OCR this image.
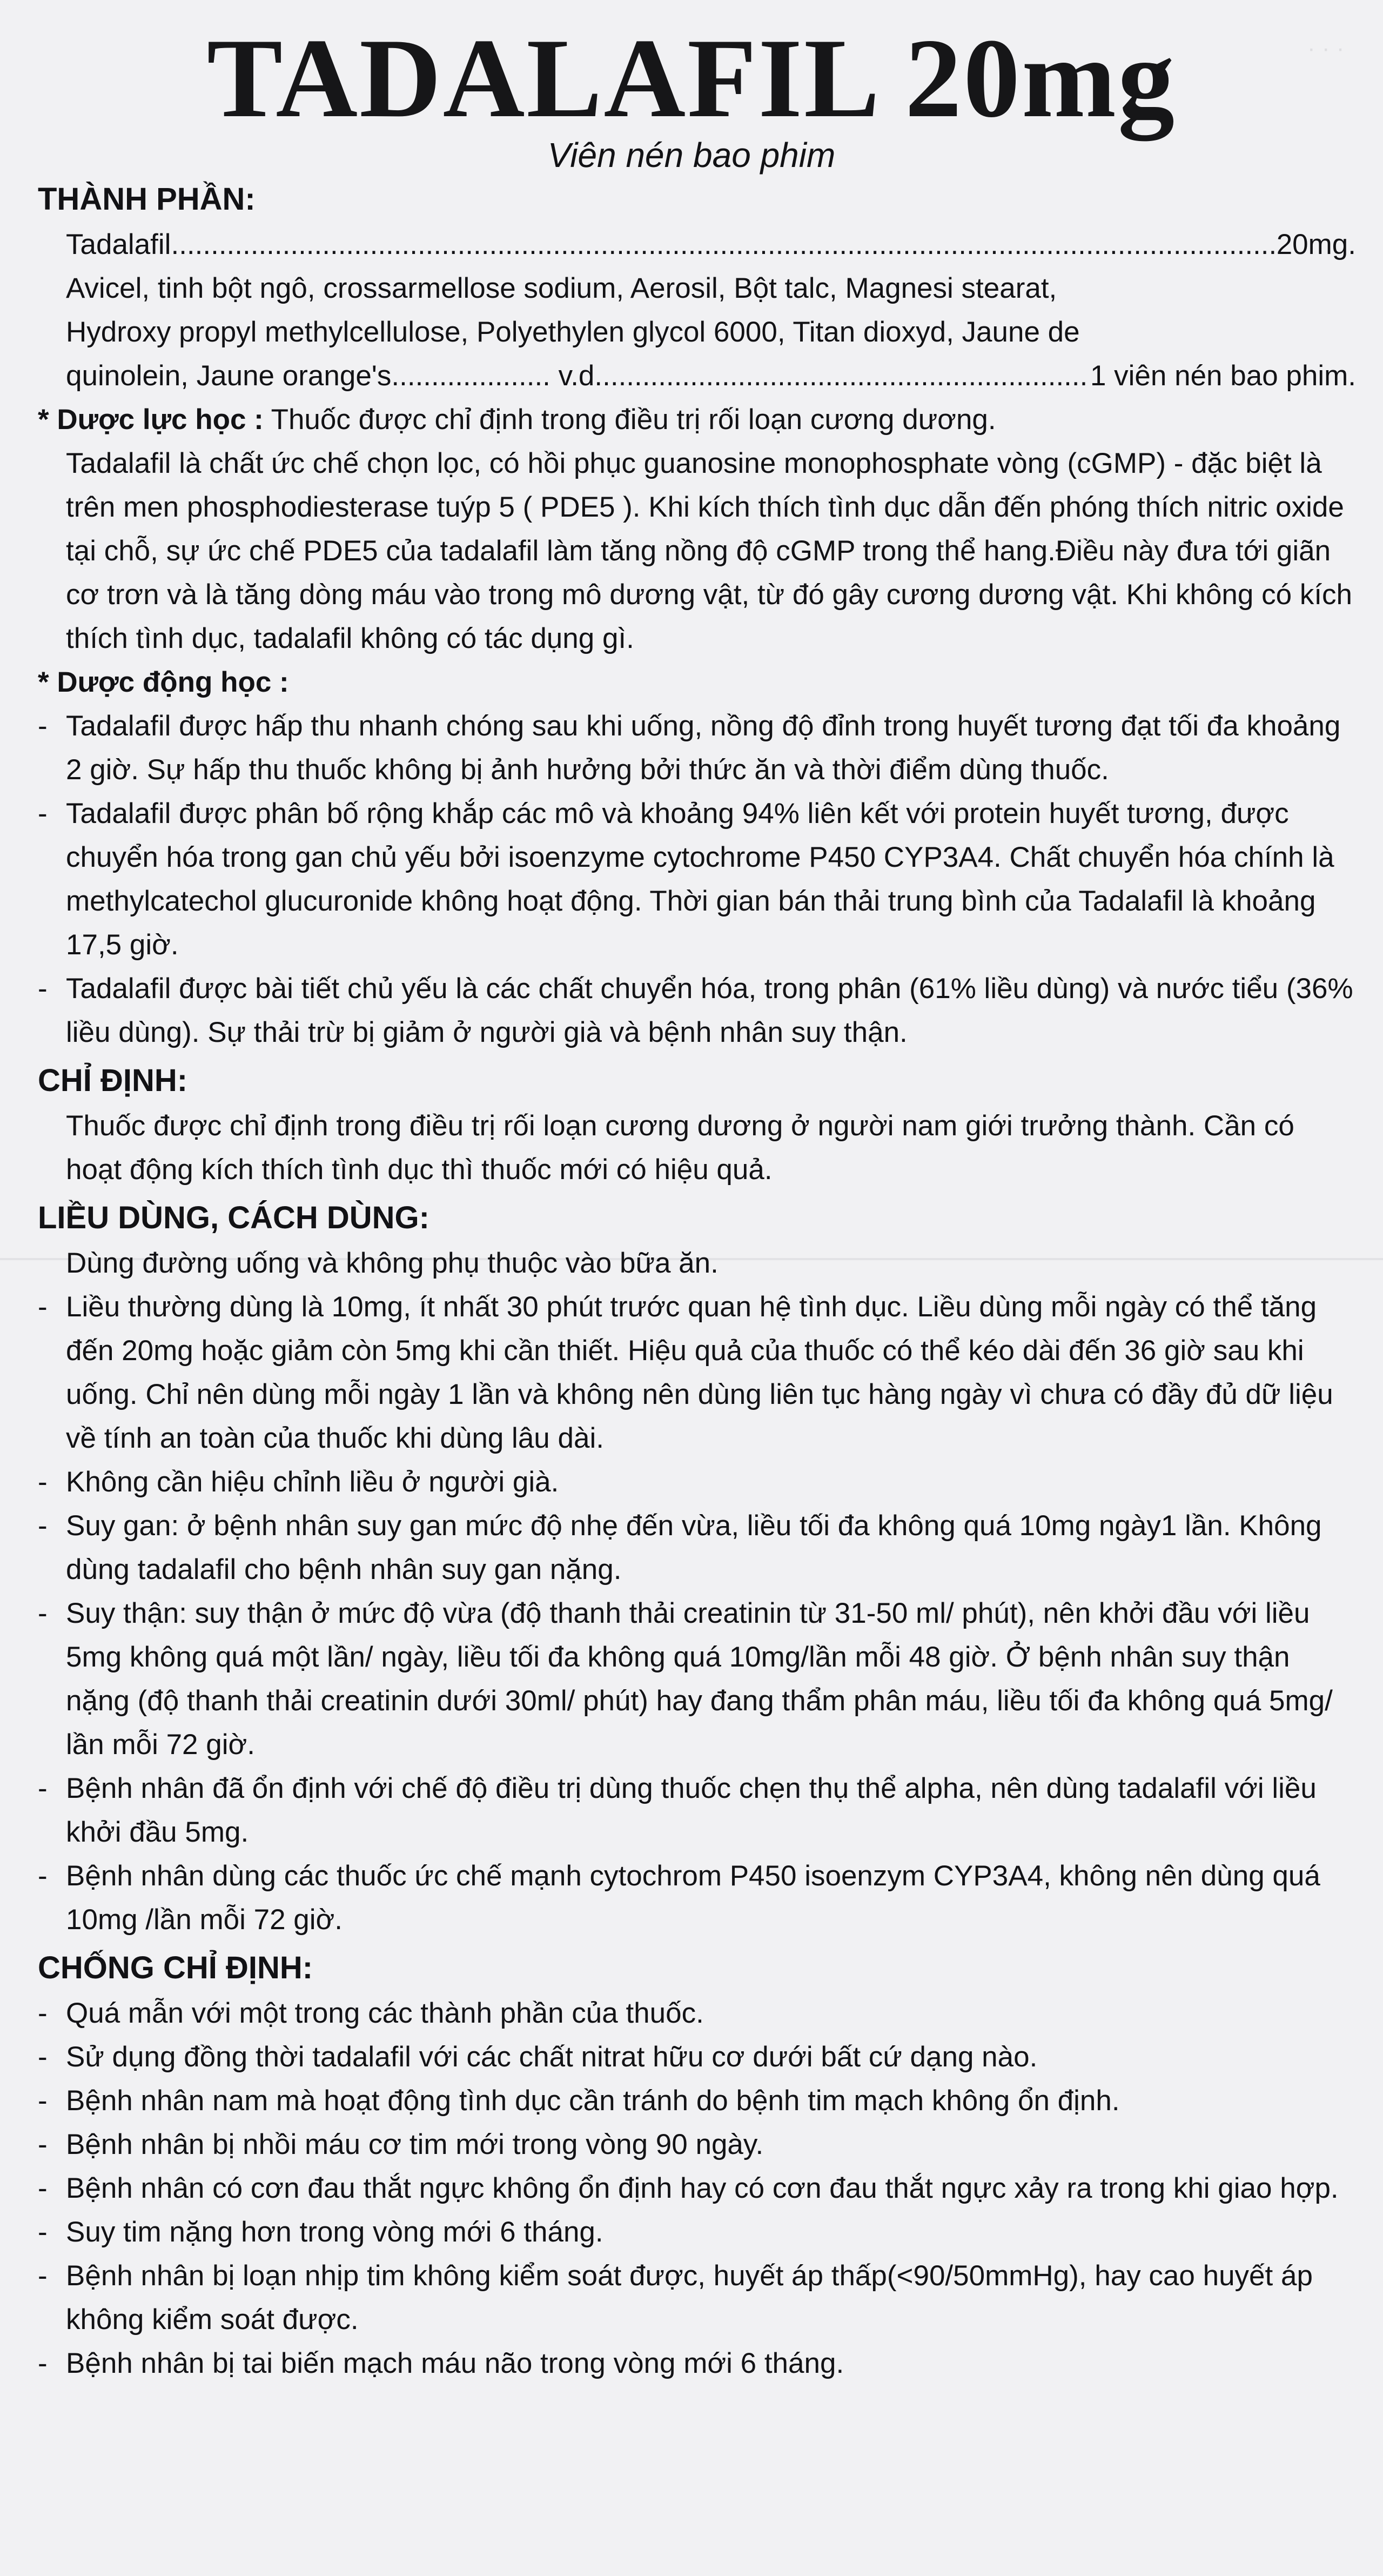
· · ·
TADALAFIL 20mg
Viên nén bao phim
THÀNH PHẦN:
Tadalafil .....	20mg.
Avicel, tinh bột ngô, crossarmellose sodium, Aerosil, Bột talc, Magnesi stearat,
Hydroxy propyl methylcellulose, Polyethylen glycol 6000, Titan dioxyd, Jaune de
quinolein, Jaune orange's.................... v.d .....	1 viên nén bao phim.
* Dược lực học : Thuốc được chỉ định trong điều trị rối loạn cương dương.
Tadalafil là chất ức chế chọn lọc, có hồi phục guanosine monophosphate vòng (cGMP) - đặc biệt là trên men phosphodiesterase tuýp 5 ( PDE5 ). Khi kích thích tình dục dẫn đến phóng thích nitric oxide tại chỗ, sự ức chế PDE5 của tadalafil làm tăng nồng độ cGMP trong thể hang.Điều này đưa tới giãn cơ trơn và là tăng dòng máu vào trong mô dương vật, từ đó gây cương dương vật. Khi không có kích thích tình dục, tadalafil không có tác dụng gì.
* Dược động học :
- Tadalafil được hấp thu nhanh chóng sau khi uống, nồng độ đỉnh trong huyết tương đạt tối đa khoảng 2 giờ. Sự hấp thu thuốc không bị ảnh hưởng bởi thức ăn và thời điểm dùng thuốc.
- Tadalafil được phân bố rộng khắp các mô và khoảng 94% liên kết với protein huyết tương, được chuyển hóa trong gan chủ yếu bởi isoenzyme cytochrome P450 CYP3A4. Chất chuyển hóa chính là methylcatechol glucuronide không hoạt động. Thời gian bán thải trung bình của Tadalafil là khoảng 17,5 giờ.
- Tadalafil được bài tiết chủ yếu là các chất chuyển hóa, trong phân (61% liều dùng) và nước tiểu (36% liều dùng). Sự thải trừ bị giảm ở người già và bệnh nhân suy thận.
CHỈ ĐỊNH:
Thuốc được chỉ định trong điều trị rối loạn cương dương ở người nam giới trưởng thành. Cần có hoạt động kích thích tình dục thì thuốc mới có hiệu quả.
LIỀU DÙNG, CÁCH DÙNG:
Dùng đường uống và không phụ thuộc vào bữa ăn.
- Liều thường dùng là 10mg, ít nhất 30 phút trước quan hệ tình dục. Liều dùng mỗi ngày có thể tăng đến 20mg hoặc giảm còn 5mg khi cần thiết. Hiệu quả của thuốc có thể kéo dài đến 36 giờ sau khi uống. Chỉ nên dùng mỗi ngày 1 lần và không nên dùng liên tục hàng ngày vì chưa có đầy đủ dữ liệu về tính an toàn của thuốc khi dùng lâu dài.
- Không cần hiệu chỉnh liều ở người già.
- Suy gan: ở bệnh nhân suy gan mức độ nhẹ đến vừa, liều tối đa không quá 10mg ngày1 lần. Không dùng tadalafil cho bệnh nhân suy gan nặng.
- Suy thận: suy thận ở mức độ vừa (độ thanh thải creatinin từ 31-50 ml/ phút), nên khởi đầu với liều 5mg không quá một lần/ ngày, liều tối đa không quá 10mg/lần mỗi 48 giờ. Ở bệnh nhân suy thận nặng (độ thanh thải creatinin dưới 30ml/ phút) hay đang thẩm phân máu, liều tối đa không quá 5mg/ lần mỗi 72 giờ.
- Bệnh nhân đã ổn định với chế độ điều trị dùng thuốc chẹn thụ thể alpha, nên dùng tadalafil với liều khởi đầu 5mg.
- Bệnh nhân dùng các thuốc ức chế mạnh cytochrom P450 isoenzym CYP3A4, không nên dùng quá 10mg /lần mỗi 72 giờ.
CHỐNG CHỈ ĐỊNH:
- Quá mẫn với một trong các thành phần của thuốc.
- Sử dụng đồng thời tadalafil với các chất nitrat hữu cơ dưới bất cứ dạng nào.
- Bệnh nhân nam mà hoạt động tình dục cần tránh do bệnh tim mạch không ổn định.
- Bệnh nhân bị nhồi máu cơ tim mới trong vòng 90 ngày.
- Bệnh nhân có cơn đau thắt ngực không ổn định hay có cơn đau thắt ngực xảy ra trong khi giao hợp.
- Suy tim nặng hơn trong vòng mới 6 tháng.
- Bệnh nhân bị loạn nhịp tim không kiểm soát được, huyết áp thấp(<90/50mmHg), hay cao huyết áp không kiểm soát được.
- Bệnh nhân bị tai biến mạch máu não trong vòng mới 6 tháng.
